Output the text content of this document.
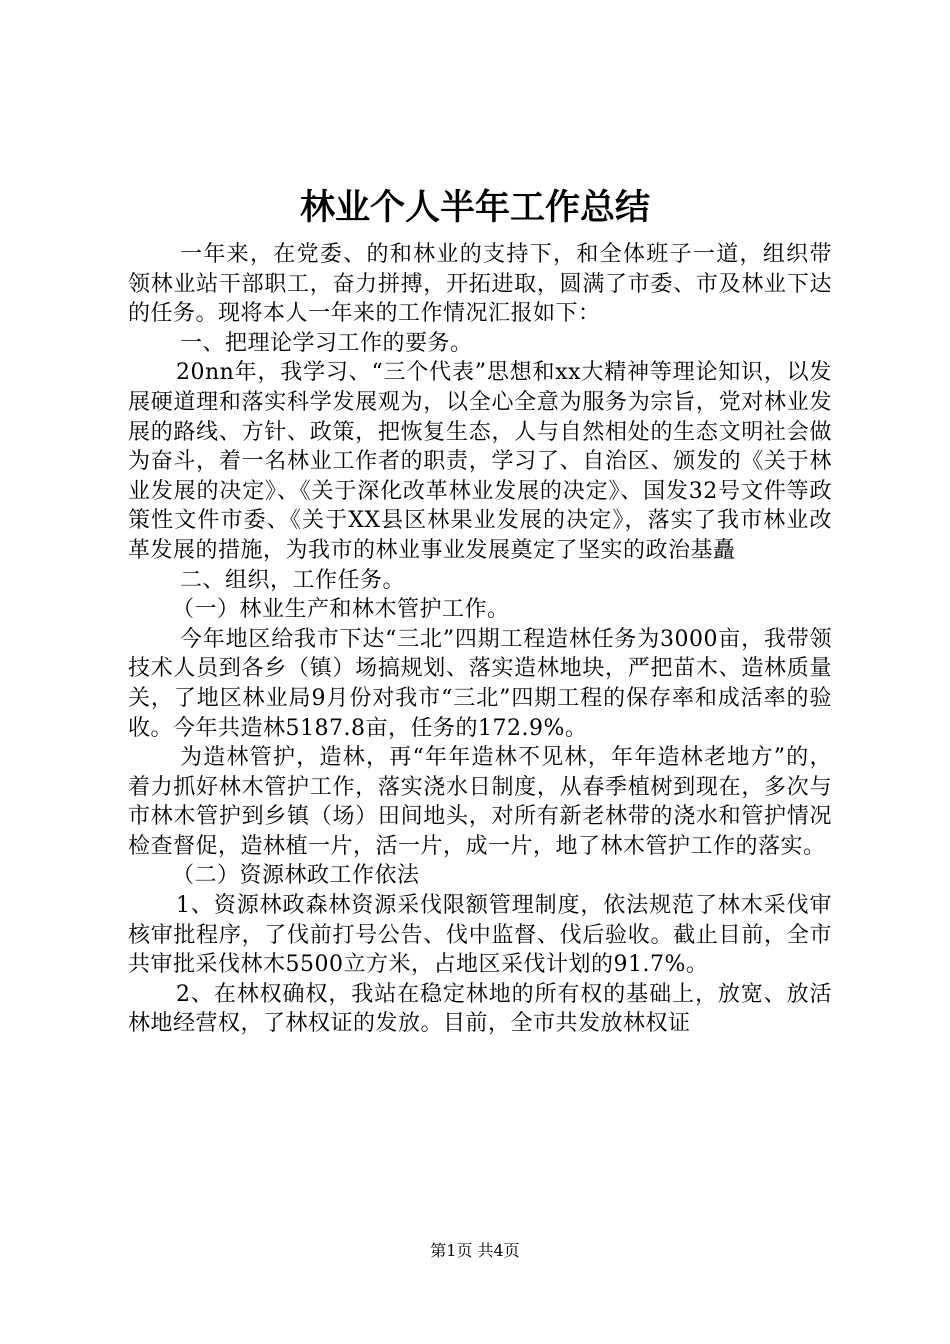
林业个人半年工作总结

一年来，在党委、的和林业的支持下，和全体班子一道，组织带领林业站干部职工，奋力拼搏，开拓进取，圆满了市委、市及林业下达的任务。现将本人一年来的工作情况汇报如下：

一、把理论学习工作的要务。

20nn年，我学习、“三个代表”思想和xx大精神等理论知识，以发展硬道理和落实科学发展观为，以全心全意为服务为宗旨，党对林业发展的路线、方针、政策，把恢复生态，人与自然相处的生态文明社会做为奋斗，着一名林业工作者的职责，学习了、自治区、颁发的《关于林业发展的决定》、《关于深化改革林业发展的决定》、国发32号文件等政策性文件市委、《关于XX县区林果业发展的决定》，落实了我市林业改革发展的措施，为我市的林业事业发展奠定了坚实的政治基矗

二、组织，工作任务。

（一）林业生产和林木管护工作。

今年地区给我市下达“三北”四期工程造林任务为3000亩，我带领技术人员到各乡（镇）场搞规划、落实造林地块，严把苗木、造林质量关，了地区林业局9月份对我市“三北”四期工程的保存率和成活率的验收。今年共造林5187.8亩，任务的172.9%。

为造林管护，造林，再“年年造林不见林，年年造林老地方”的，着力抓好林木管护工作，落实浇水日制度，从春季植树到现在，多次与市林木管护到乡镇（场）田间地头，对所有新老林带的浇水和管护情况检查督促，造林植一片，活一片，成一片，地了林木管护工作的落实。

（二）资源林政工作依法

1、资源林政森林资源采伐限额管理制度，依法规范了林木采伐审核审批程序，了伐前打号公告、伐中监督、伐后验收。截止目前，全市共审批采伐林木5500立方米，占地区采伐计划的91.7%。

2、在林权确权，我站在稳定林地的所有权的基础上，放宽、放活林地经营权，了林权证的发放。目前，全市共发放林权证

第1页 共4页
